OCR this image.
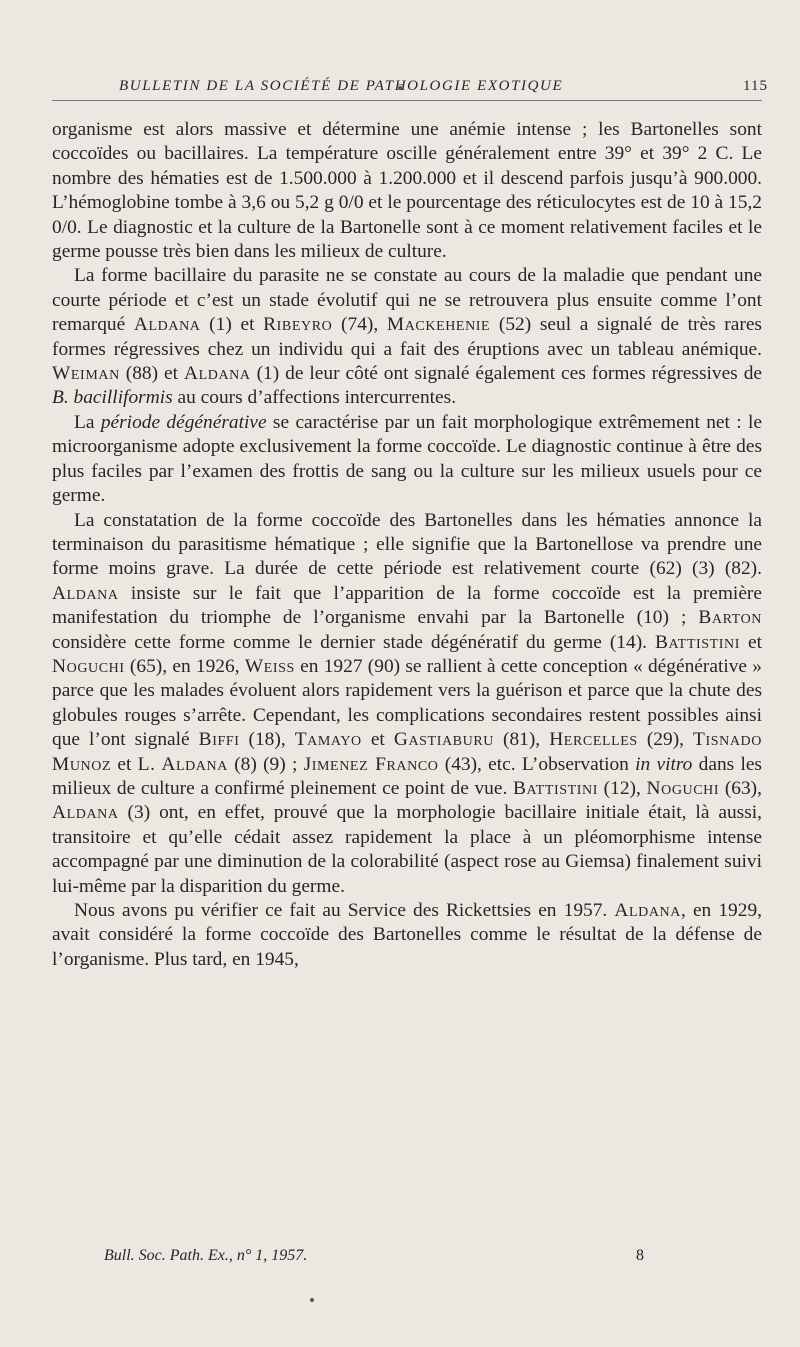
BULLETIN DE LA SOCIÉTÉ DE PATHOLOGIE EXOTIQUE	115

organisme est alors massive et détermine une anémie intense ; les Bartonelles sont coccoïdes ou bacillaires. La température oscille généralement entre 39° et 39° 2 C. Le nombre des hématies est de 1.500.000 à 1.200.000 et il descend parfois jusqu’à 900.000. L’hémoglobine tombe à 3,6 ou 5,2 g 0/0 et le pourcentage des réticulocytes est de 10 à 15,2 0/0. Le diagnostic et la culture de la Bartonelle sont à ce moment relativement faciles et le germe pousse très bien dans les milieux de culture.

La forme bacillaire du parasite ne se constate au cours de la maladie que pendant une courte période et c’est un stade évolutif qui ne se retrouvera plus ensuite comme l’ont remarqué Aldana (1) et Ribeyro (74), Mackehenie (52) seul a signalé de très rares formes régressives chez un individu qui a fait des éruptions avec un tableau anémique. Weiman (88) et Aldana (1) de leur côté ont signalé également ces formes régressives de B. bacilliformis au cours d’affections intercurrentes.

La période dégénérative se caractérise par un fait morphologique extrêmement net : le microorganisme adopte exclusivement la forme coccoïde. Le diagnostic continue à être des plus faciles par l’examen des frottis de sang ou la culture sur les milieux usuels pour ce germe.

La constatation de la forme coccoïde des Bartonelles dans les hématies annonce la terminaison du parasitisme hématique ; elle signifie que la Bartonellose va prendre une forme moins grave. La durée de cette période est relativement courte (62) (3) (82). Aldana insiste sur le fait que l’apparition de la forme coccoïde est la première manifestation du triomphe de l’organisme envahi par la Bartonelle (10) ; Barton considère cette forme comme le dernier stade dégénératif du germe (14). Battistini et Noguchi (65), en 1926, Weiss en 1927 (90) se rallient à cette conception « dégénérative » parce que les malades évoluent alors rapidement vers la guérison et parce que la chute des globules rouges s’arrête. Cependant, les complications secondaires restent possibles ainsi que l’ont signalé Biffi (18), Tamayo et Gastiaburu (81), Hercelles (29), Tisnado Munoz et L. Aldana (8) (9) ; Jimenez Franco (43), etc. L’observation in vitro dans les milieux de culture a confirmé pleinement ce point de vue. Battistini (12), Noguchi (63), Aldana (3) ont, en effet, prouvé que la morphologie bacillaire initiale était, là aussi, transitoire et qu’elle cédait assez rapidement la place à un pléomorphisme intense accompagné par une diminution de la colorabilité (aspect rose au Giemsa) finalement suivi lui-même par la disparition du germe.

Nous avons pu vérifier ce fait au Service des Rickettsies en 1957. Aldana, en 1929, avait considéré la forme coccoïde des Bartonelles comme le résultat de la défense de l’organisme. Plus tard, en 1945,

Bull. Soc. Path. Ex., n° 1, 1957.	8
